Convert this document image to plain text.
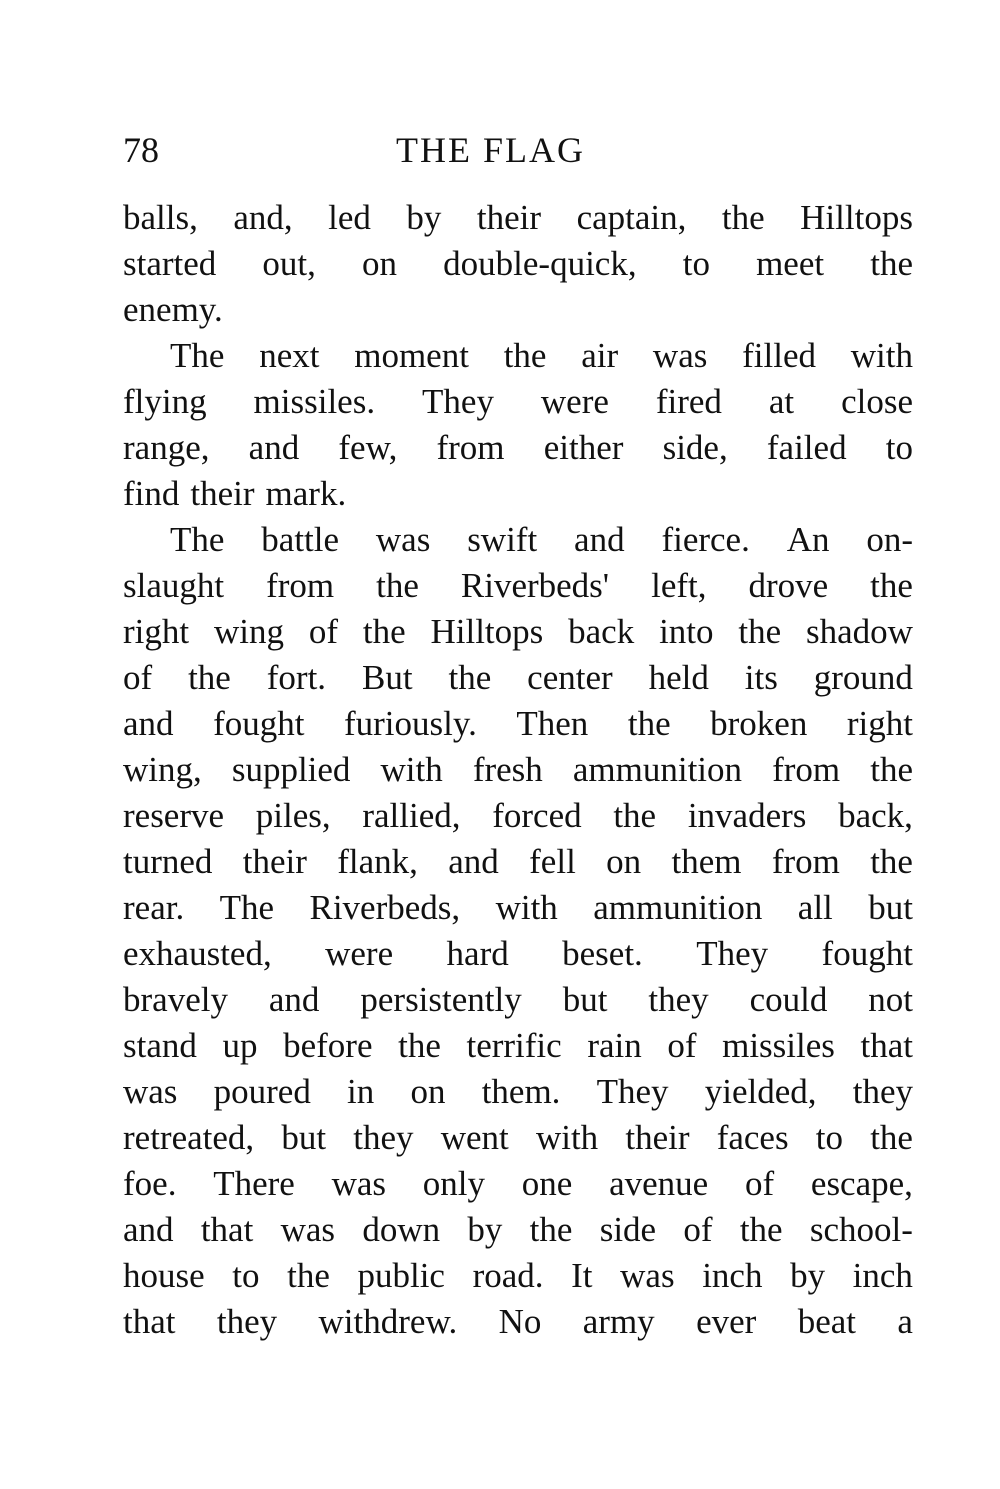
78	THE FLAG
balls, and, led by their captain, the Hilltops
started out, on double-quick, to meet the
enemy.
The next moment the air was filled with
flying missiles. They were fired at close
range, and few, from either side, failed to
find their mark.
The battle was swift and fierce. An on-
slaught from the Riverbeds' left, drove the
right wing of the Hilltops back into the shadow
of the fort. But the center held its ground
and fought furiously. Then the broken right
wing, supplied with fresh ammunition from the
reserve piles, rallied, forced the invaders back,
turned their flank, and fell on them from the
rear. The Riverbeds, with ammunition all but
exhausted, were hard beset. They fought
bravely and persistently but they could not
stand up before the terrific rain of missiles that
was poured in on them. They yielded, they
retreated, but they went with their faces to the
foe. There was only one avenue of escape,
and that was down by the side of the school-
house to the public road. It was inch by inch
that they withdrew. No army ever beat a
